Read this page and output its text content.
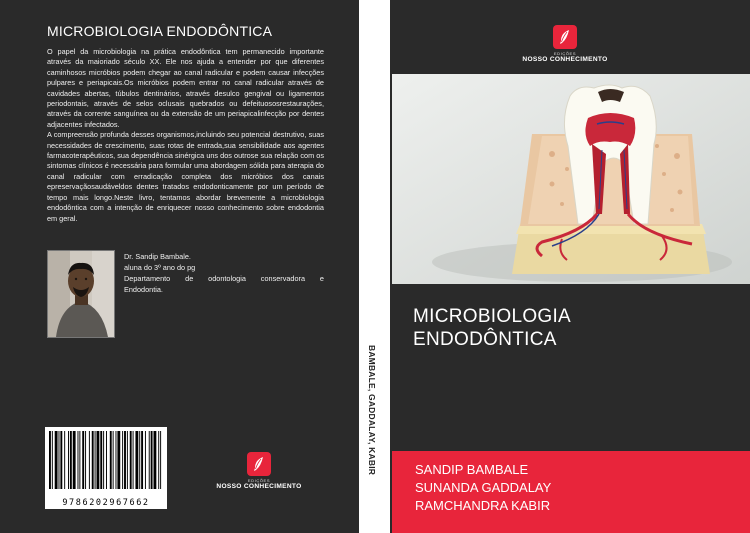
MICROBIOLOGIA ENDODÔNTICA

O papel da microbiologia na prática endodôntica tem permanecido importante através da maioriado século XX. Ele nos ajuda a entender por que diferentes caminhosos micróbios podem chegar ao canal radicular e podem causar infecções pulpares e periapicais.Os micróbios podem entrar no canal radicular através de cavidades abertas, túbulos dentinários, através desulco gengival ou ligamentos periodontais, através de selos oclusais quebrados ou defeituososrestaurações, através da corrente sanguínea ou da extensão de um periapicalinfecção por dentes adjacentes infectados.

A compreensão profunda desses organismos,incluindo seu potencial destrutivo, suas necessidades de crescimento, suas rotas de entrada,sua sensibilidade aos agentes farmacoterapêuticos, sua dependência sinérgica uns dos outrose sua relação com os sintomas clínicos é necessária para formular uma abordagem sólida para aterapia do canal radicular com erradicação completa dos micróbios dos canais epreservaçãosaudáveldos dentes tratados endodonticamente por um período de tempo mais longo.Neste livro, tentamos abordar brevemente a microbiologia endodôntica com a intenção de enriquecer nosso conhecimento sobre endodontia em geral.

Dr. Sandip Bambale.
aluna do 3º ano do pg
Departamento de odontologia conservadora e
Endodontia.
9786202967662
EDIÇÕES
NOSSO CONHECIMENTO
BAMBALE, GADDALAY, KABIR
EDIÇÕES
NOSSO CONHECIMENTO
MICROBIOLOGIA
ENDODÔNTICA
SANDIP BAMBALE
SUNANDA GADDALAY
RAMCHANDRA KABIR
